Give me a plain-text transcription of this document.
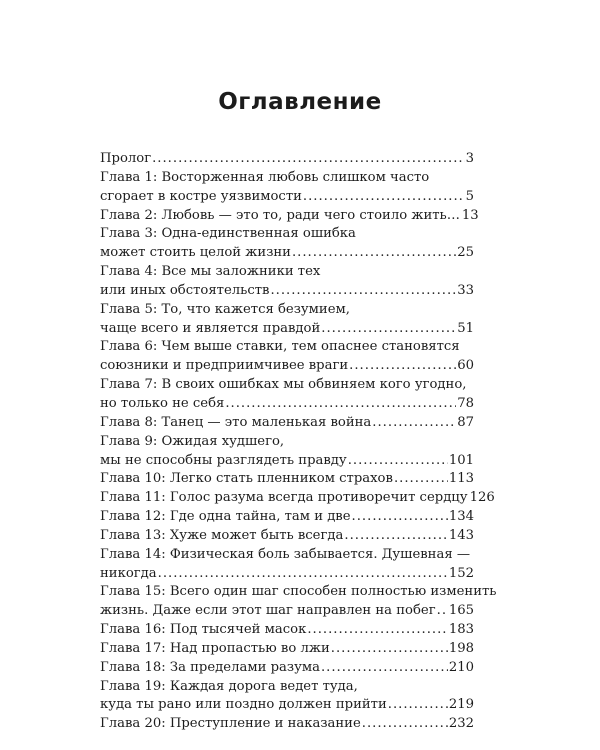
Оглавление
Пролог .....	3
Глава 1: Восторженная любовь слишком часто
сгорает в костре уязвимости .....	5
Глава 2: Любовь — это то, ради чего стоило жить… 13
Глава 3: Одна-единственная ошибка
может стоить целой жизни .....	25
Глава 4: Все мы заложники тех
или иных обстоятельств .....	33
Глава 5: То, что кажется безумием,
чаще всего и является правдой .....	51
Глава 6: Чем выше ставки, тем опаснее становятся
союзники и предприимчивее враги .....	60
Глава 7: В своих ошибках мы обвиняем кого угодно,
но только не себя .....	78
Глава 8: Танец — это маленькая война .....	87
Глава 9: Ожидая худшего,
мы не способны разглядеть правду .....	101
Глава 10: Легко стать пленником страхов .....	113
Глава 11: Голос разума всегда противоречит сердцу 126
Глава 12: Где одна тайна, там и две .....	134
Глава 13: Хуже может быть всегда .....	143
Глава 14: Физическая боль забывается. Душевная —
никогда .....	152
Глава 15: Всего один шаг способен полностью изменить
жизнь. Даже если этот шаг направлен на побег ..... 165
Глава 16: Под тысячей масок .....	183
Глава 17: Над пропастью во лжи .....	198
Глава 18: За пределами разума .....	210
Глава 19: Каждая дорога ведет туда,
куда ты рано или поздно должен прийти .....	219
Глава 20: Преступление и наказание .....	232
